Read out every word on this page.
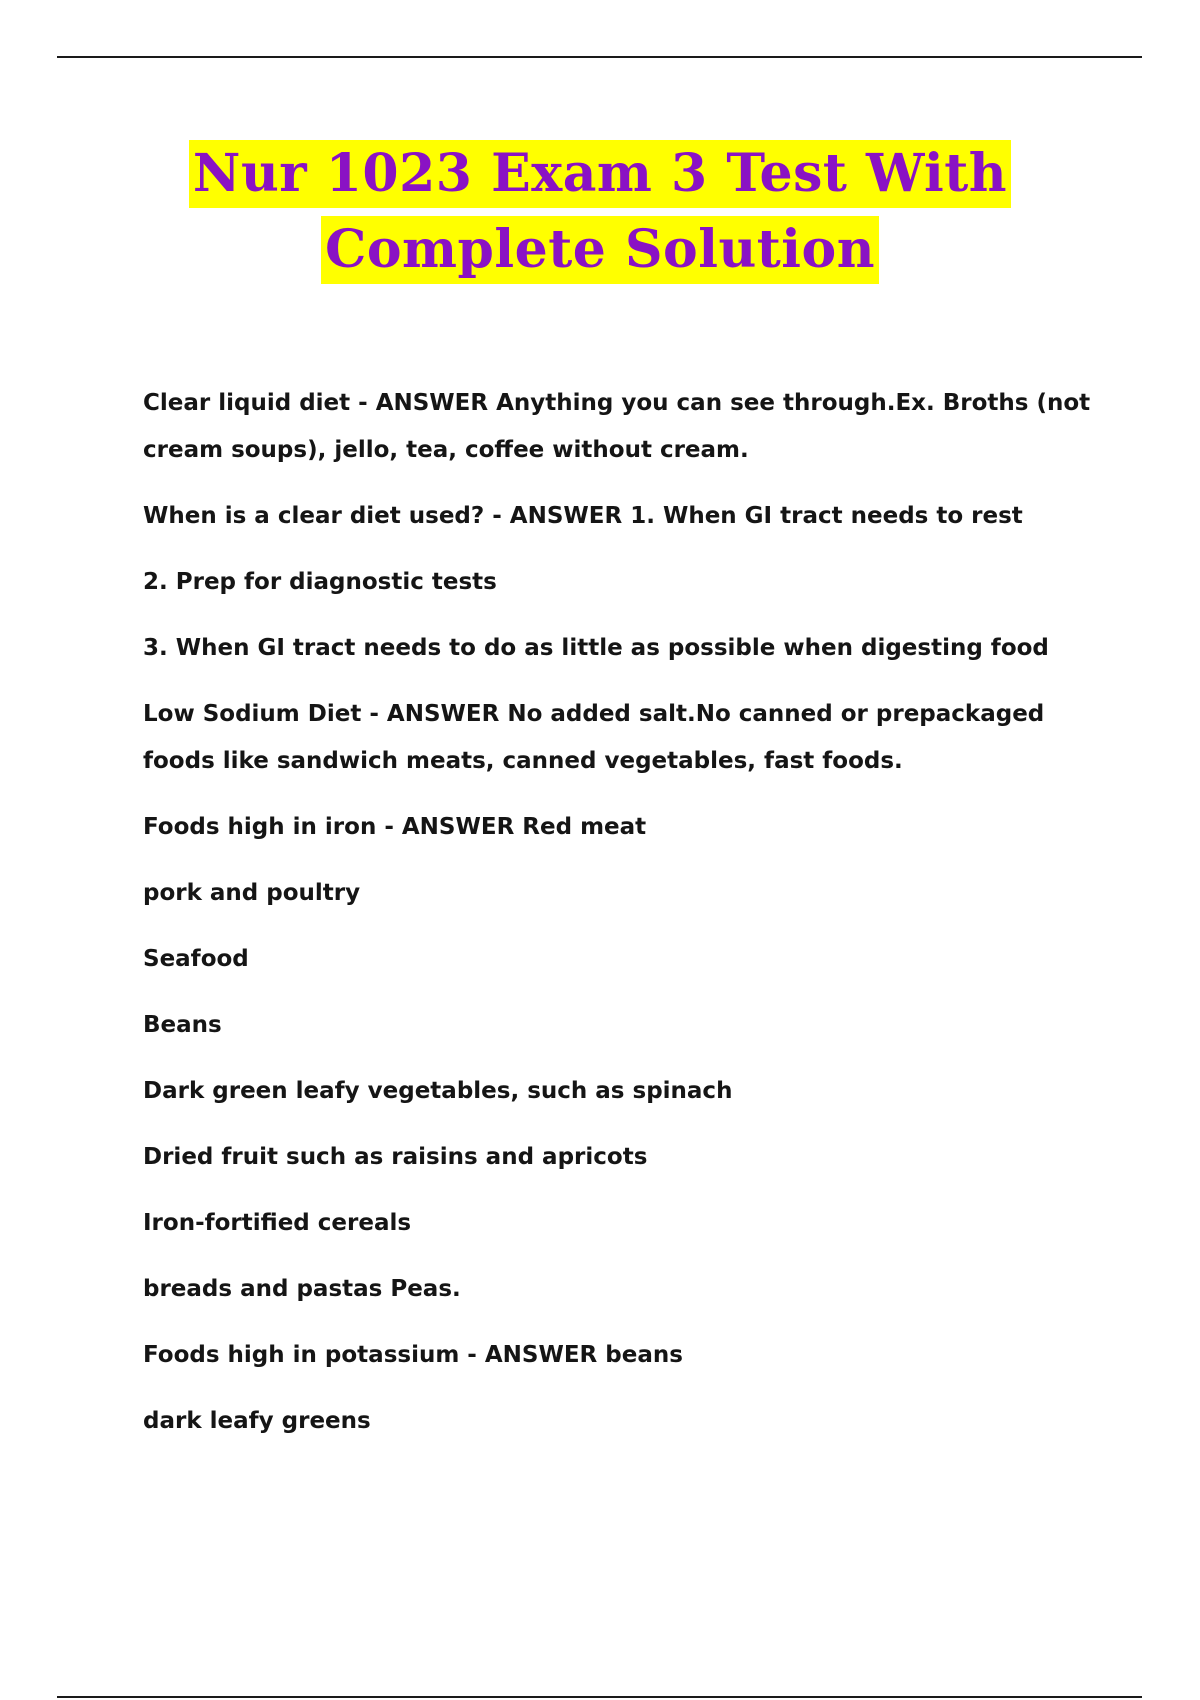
Nur 1023 Exam 3 Test With
Complete Solution

Clear liquid diet - ANSWER Anything you can see through.Ex. Broths (not cream soups), jello, tea, coffee without cream.

When is a clear diet used? - ANSWER 1. When GI tract needs to rest

2. Prep for diagnostic tests

3. When GI tract needs to do as little as possible when digesting food

Low Sodium Diet - ANSWER No added salt.No canned or prepackaged foods like sandwich meats, canned vegetables, fast foods.

Foods high in iron - ANSWER Red meat

pork and poultry

Seafood

Beans

Dark green leafy vegetables, such as spinach

Dried fruit such as raisins and apricots

Iron-fortified cereals

breads and pastas Peas.

Foods high in potassium - ANSWER beans

dark leafy greens
